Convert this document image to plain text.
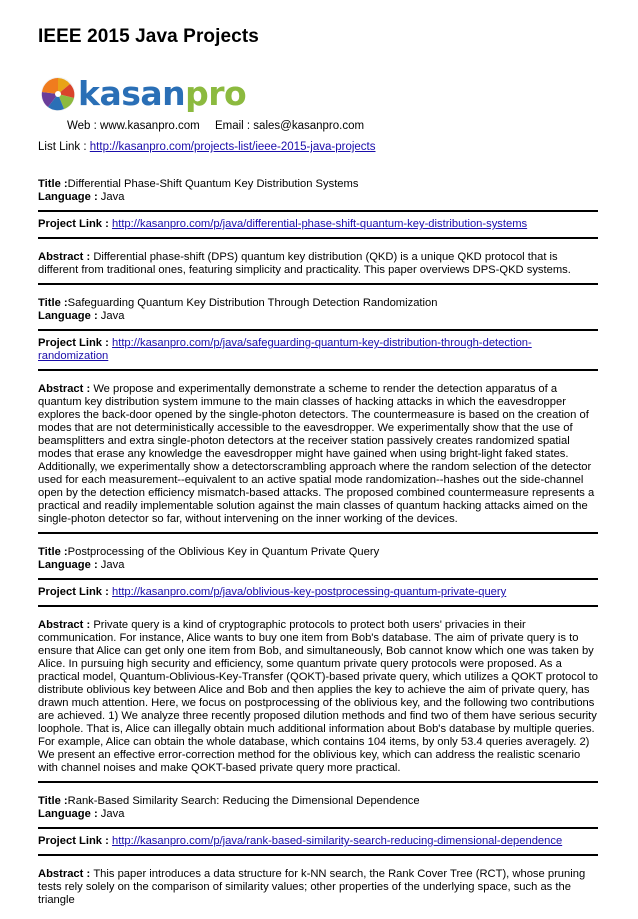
IEEE 2015 Java Projects
kasanpro
Web : www.kasanpro.com Email : sales@kasanpro.com
List Link : http://kasanpro.com/projects-list/ieee-2015-java-projects
Title :Differential Phase-Shift Quantum Key Distribution Systems
Language : Java
Project Link : http://kasanpro.com/p/java/differential-phase-shift-quantum-key-distribution-systems
Abstract : Differential phase-shift (DPS) quantum key distribution (QKD) is a unique QKD protocol that is different from traditional ones, featuring simplicity and practicality. This paper overviews DPS-QKD systems.
Title :Safeguarding Quantum Key Distribution Through Detection Randomization
Language : Java
Project Link : http://kasanpro.com/p/java/safeguarding-quantum-key-distribution-through-detection-randomization
Abstract : We propose and experimentally demonstrate a scheme to render the detection apparatus of a quantum key distribution system immune to the main classes of hacking attacks in which the eavesdropper explores the back-door opened by the single-photon detectors. The countermeasure is based on the creation of modes that are not deterministically accessible to the eavesdropper. We experimentally show that the use of beamsplitters and extra single-photon detectors at the receiver station passively creates randomized spatial modes that erase any knowledge the eavesdropper might have gained when using bright-light faked states. Additionally, we experimentally show a detectorscrambling approach where the random selection of the detector used for each measurement--equivalent to an active spatial mode randomization--hashes out the side-channel open by the detection efficiency mismatch-based attacks. The proposed combined countermeasure represents a practical and readily implementable solution against the main classes of quantum hacking attacks aimed on the single-photon detector so far, without intervening on the inner working of the devices.
Title :Postprocessing of the Oblivious Key in Quantum Private Query
Language : Java
Project Link : http://kasanpro.com/p/java/oblivious-key-postprocessing-quantum-private-query
Abstract : Private query is a kind of cryptographic protocols to protect both users' privacies in their communication. For instance, Alice wants to buy one item from Bob's database. The aim of private query is to ensure that Alice can get only one item from Bob, and simultaneously, Bob cannot know which one was taken by Alice. In pursuing high security and efficiency, some quantum private query protocols were proposed. As a practical model, Quantum-Oblivious-Key-Transfer (QOKT)-based private query, which utilizes a QOKT protocol to distribute oblivious key between Alice and Bob and then applies the key to achieve the aim of private query, has drawn much attention. Here, we focus on postprocessing of the oblivious key, and the following two contributions are achieved. 1) We analyze three recently proposed dilution methods and find two of them have serious security loophole. That is, Alice can illegally obtain much additional information about Bob's database by multiple queries. For example, Alice can obtain the whole database, which contains 104 items, by only 53.4 queries averagely. 2) We present an effective error-correction method for the oblivious key, which can address the realistic scenario with channel noises and make QOKT-based private query more practical.
Title :Rank-Based Similarity Search: Reducing the Dimensional Dependence
Language : Java
Project Link : http://kasanpro.com/p/java/rank-based-similarity-search-reducing-dimensional-dependence
Abstract : This paper introduces a data structure for k-NN search, the Rank Cover Tree (RCT), whose pruning tests rely solely on the comparison of similarity values; other properties of the underlying space, such as the triangle
